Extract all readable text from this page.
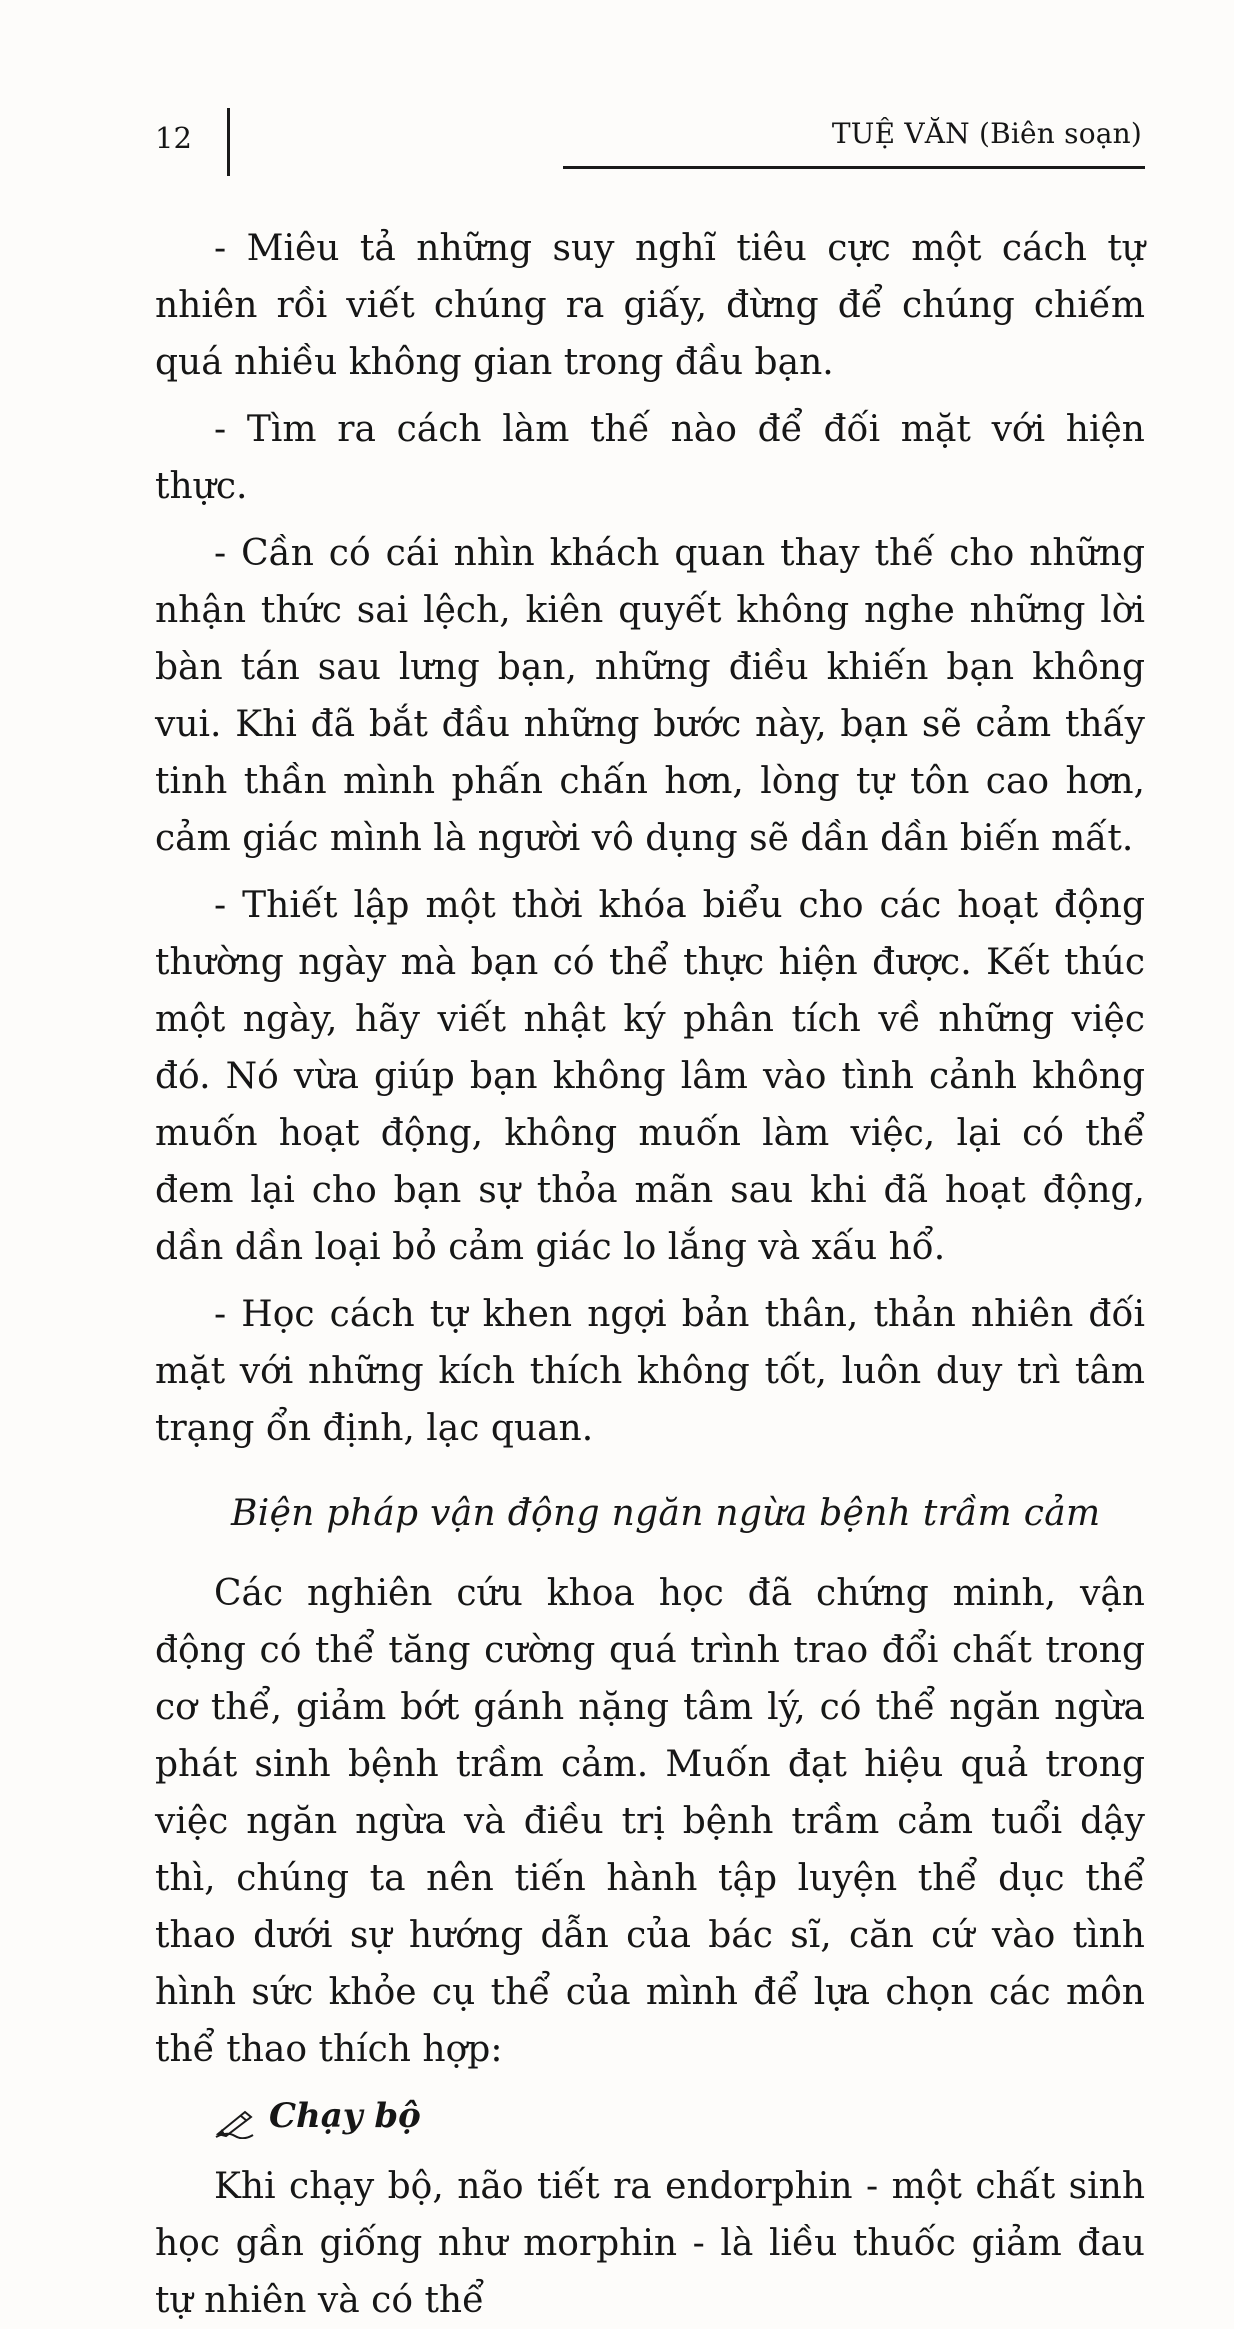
12	TUỆ VĂN (Biên soạn)

- Miêu tả những suy nghĩ tiêu cực một cách tự nhiên rồi viết chúng ra giấy, đừng để chúng chiếm quá nhiều không gian trong đầu bạn.

- Tìm ra cách làm thế nào để đối mặt với hiện thực.

- Cần có cái nhìn khách quan thay thế cho những nhận thức sai lệch, kiên quyết không nghe những lời bàn tán sau lưng bạn, những điều khiến bạn không vui. Khi đã bắt đầu những bước này, bạn sẽ cảm thấy tinh thần mình phấn chấn hơn, lòng tự tôn cao hơn, cảm giác mình là người vô dụng sẽ dần dần biến mất.

- Thiết lập một thời khóa biểu cho các hoạt động thường ngày mà bạn có thể thực hiện được. Kết thúc một ngày, hãy viết nhật ký phân tích về những việc đó. Nó vừa giúp bạn không lâm vào tình cảnh không muốn hoạt động, không muốn làm việc, lại có thể đem lại cho bạn sự thỏa mãn sau khi đã hoạt động, dần dần loại bỏ cảm giác lo lắng và xấu hổ.

- Học cách tự khen ngợi bản thân, thản nhiên đối mặt với những kích thích không tốt, luôn duy trì tâm trạng ổn định, lạc quan.

Biện pháp vận động ngăn ngừa bệnh trầm cảm

Các nghiên cứu khoa học đã chứng minh, vận động có thể tăng cường quá trình trao đổi chất trong cơ thể, giảm bớt gánh nặng tâm lý, có thể ngăn ngừa phát sinh bệnh trầm cảm. Muốn đạt hiệu quả trong việc ngăn ngừa và điều trị bệnh trầm cảm tuổi dậy thì, chúng ta nên tiến hành tập luyện thể dục thể thao dưới sự hướng dẫn của bác sĩ, căn cứ vào tình hình sức khỏe cụ thể của mình để lựa chọn các môn thể thao thích hợp:

Chạy bộ

Khi chạy bộ, não tiết ra endorphin - một chất sinh học gần giống như morphin - là liều thuốc giảm đau tự nhiên và có thể
